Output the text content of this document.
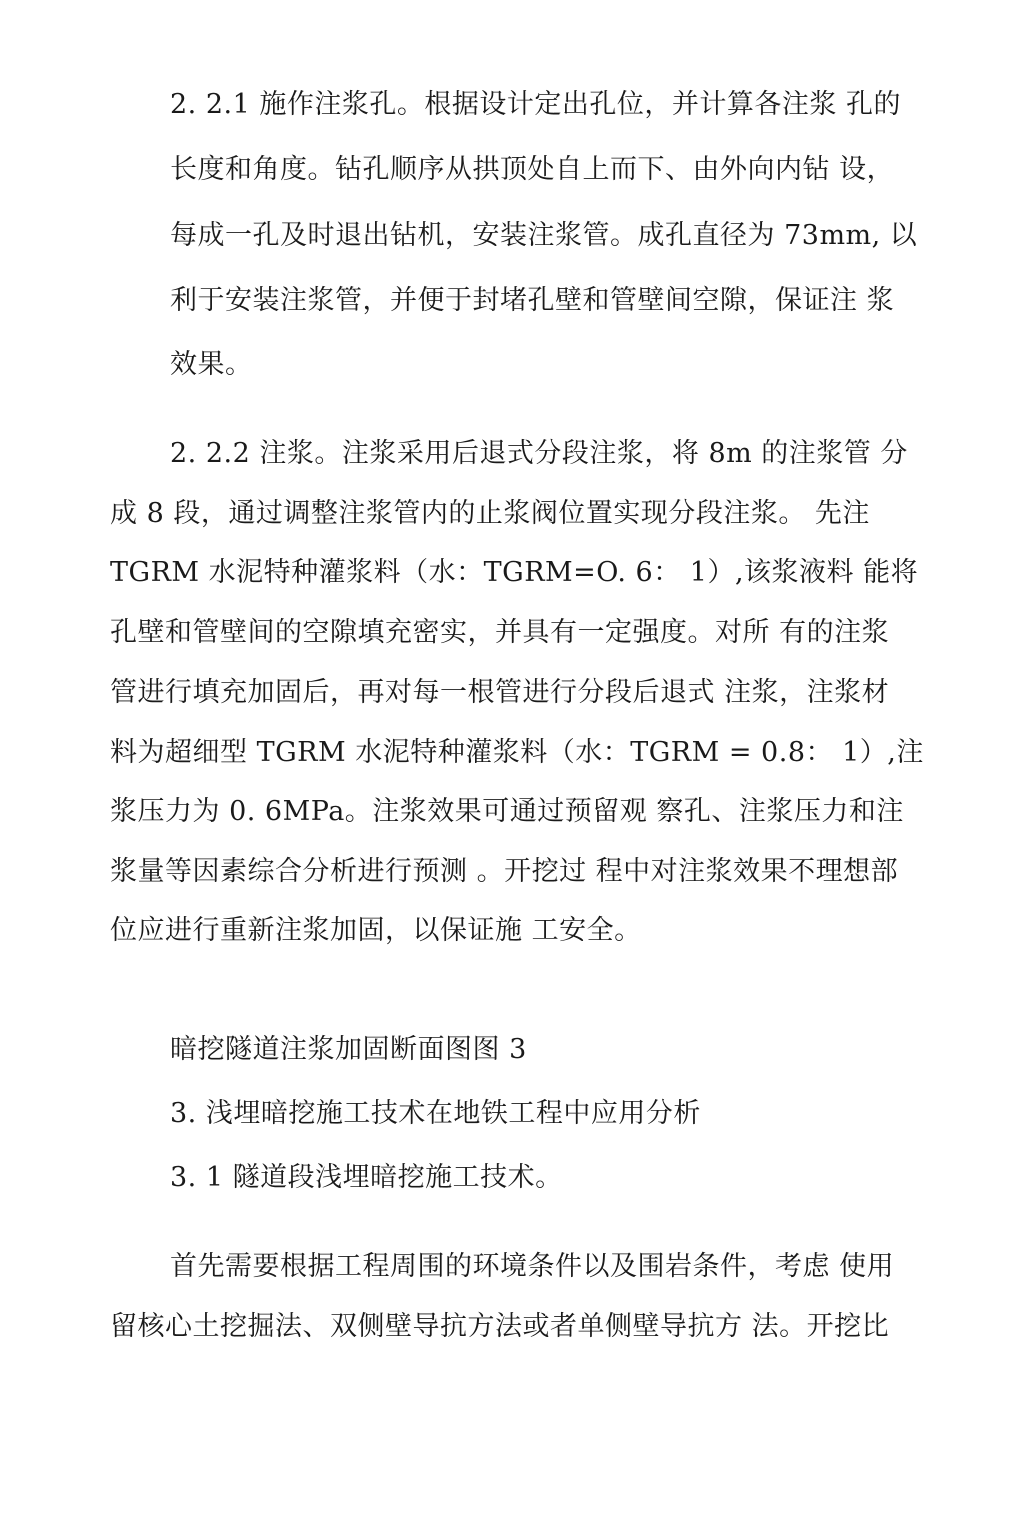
2. 2.1 施作注浆孔。根据设计定出孔位，并计算各注浆 孔的

长度和角度。钻孔顺序从拱顶处自上而下、由外向内钻 设，

每成一孔及时退出钻机，安装注浆管。成孔直径为 73mm, 以

利于安装注浆管，并便于封堵孔壁和管壁间空隙，保证注 浆

效果。

2. 2.2 注浆。注浆采用后退式分段注浆，将 8m 的注浆管 分

成 8 段，通过调整注浆管内的止浆阀位置实现分段注浆。 先注

TGRM 水泥特种灌浆料（水：TGRM=O. 6： 1）,该浆液料 能将

孔壁和管壁间的空隙填充密实，并具有一定强度。对所 有的注浆

管进行填充加固后，再对每一根管进行分段后退式 注浆，注浆材

料为超细型 TGRM 水泥特种灌浆料（水：TGRM = 0.8： 1）,注

浆压力为 0. 6MPa。注浆效果可通过预留观 察孔、注浆压力和注

浆量等因素综合分析进行预测 。开挖过 程中对注浆效果不理想部

位应进行重新注浆加固，以保证施 工安全。

暗挖隧道注浆加固断面图图 3

3. 浅埋暗挖施工技术在地铁工程中应用分析

3. 1 隧道段浅埋暗挖施工技术。

首先需要根据工程周围的环境条件以及围岩条件，考虑 使用

留核心土挖掘法、双侧壁导抗方法或者单侧壁导抗方 法。开挖比
